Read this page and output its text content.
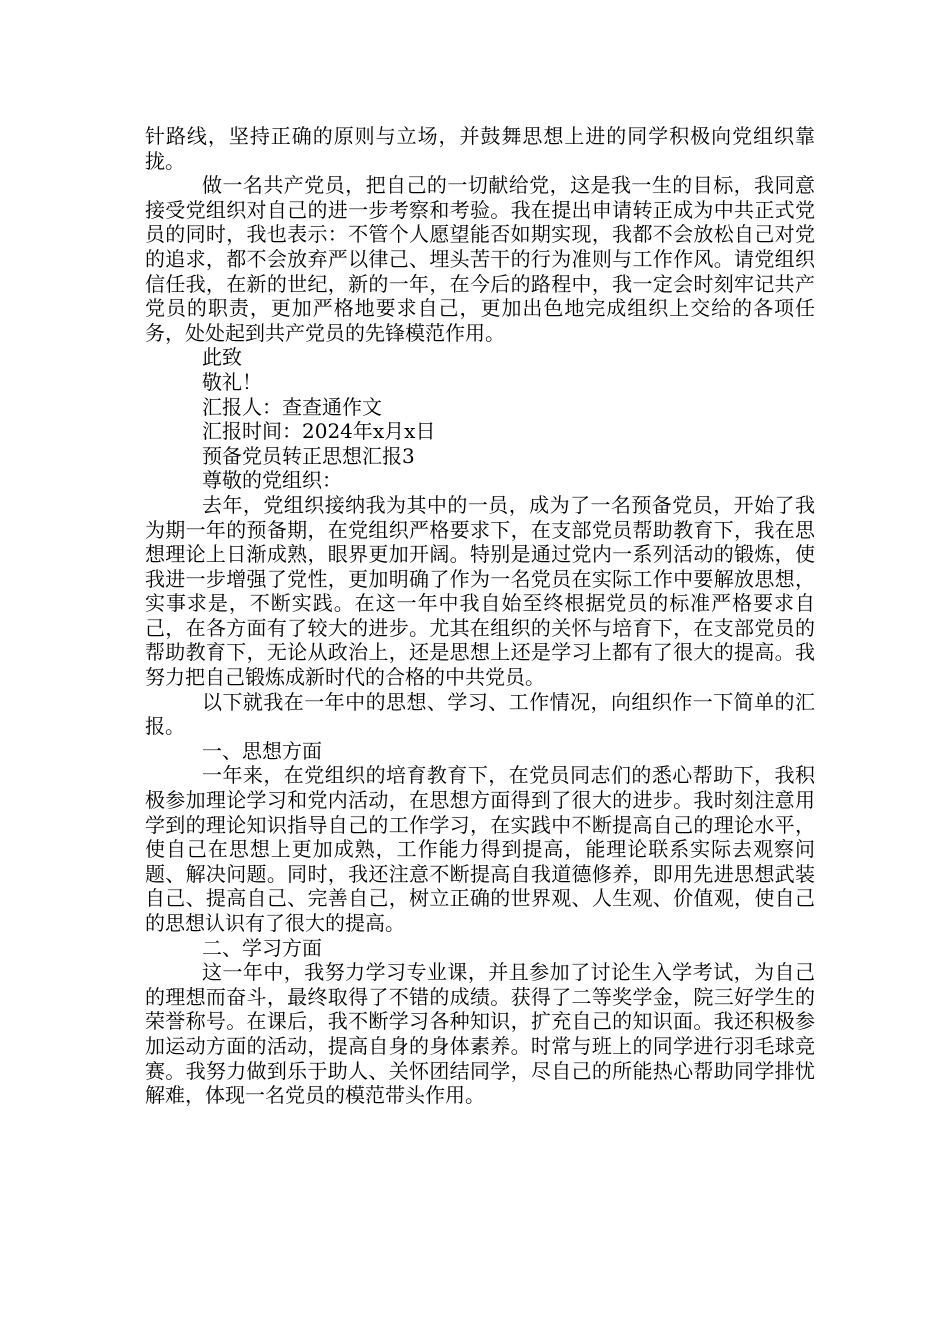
针路线，坚持正确的原则与立场，并鼓舞思想上进的同学积极向党组织靠拢。

做一名共产党员，把自己的一切献给党，这是我一生的目标，我同意接受党组织对自己的进一步考察和考验。我在提出申请转正成为中共正式党员的同时，我也表示：不管个人愿望能否如期实现，我都不会放松自己对党的追求，都不会放弃严以律己、埋头苦干的行为准则与工作作风。请党组织信任我，在新的世纪，新的一年，在今后的路程中，我一定会时刻牢记共产党员的职责，更加严格地要求自己，更加出色地完成组织上交给的各项任务，处处起到共产党员的先锋模范作用。

此致

敬礼！

汇报人：查查通作文

汇报时间：2024年x月x日

预备党员转正思想汇报3

尊敬的党组织：

去年，党组织接纳我为其中的一员，成为了一名预备党员，开始了我为期一年的预备期，在党组织严格要求下，在支部党员帮助教育下，我在思想理论上日渐成熟，眼界更加开阔。特别是通过党内一系列活动的锻炼，使我进一步增强了党性，更加明确了作为一名党员在实际工作中要解放思想，实事求是，不断实践。在这一年中我自始至终根据党员的标准严格要求自己，在各方面有了较大的进步。尤其在组织的关怀与培育下，在支部党员的帮助教育下，无论从政治上，还是思想上还是学习上都有了很大的提高。我努力把自己锻炼成新时代的合格的中共党员。

以下就我在一年中的思想、学习、工作情况，向组织作一下简单的汇报。

一、思想方面

一年来，在党组织的培育教育下，在党员同志们的悉心帮助下，我积极参加理论学习和党内活动，在思想方面得到了很大的进步。我时刻注意用学到的理论知识指导自己的工作学习，在实践中不断提高自己的理论水平，使自己在思想上更加成熟，工作能力得到提高，能理论联系实际去观察问题、解决问题。同时，我还注意不断提高自我道德修养，即用先进思想武装自己、提高自己、完善自己，树立正确的世界观、人生观、价值观，使自己的思想认识有了很大的提高。

二、学习方面

这一年中，我努力学习专业课，并且参加了讨论生入学考试，为自己的理想而奋斗，最终取得了不错的成绩。获得了二等奖学金，院三好学生的荣誉称号。在课后，我不断学习各种知识，扩充自己的知识面。我还积极参加运动方面的活动，提高自身的身体素养。时常与班上的同学进行羽毛球竞赛。我努力做到乐于助人、关怀团结同学，尽自己的所能热心帮助同学排忧解难，体现一名党员的模范带头作用。
